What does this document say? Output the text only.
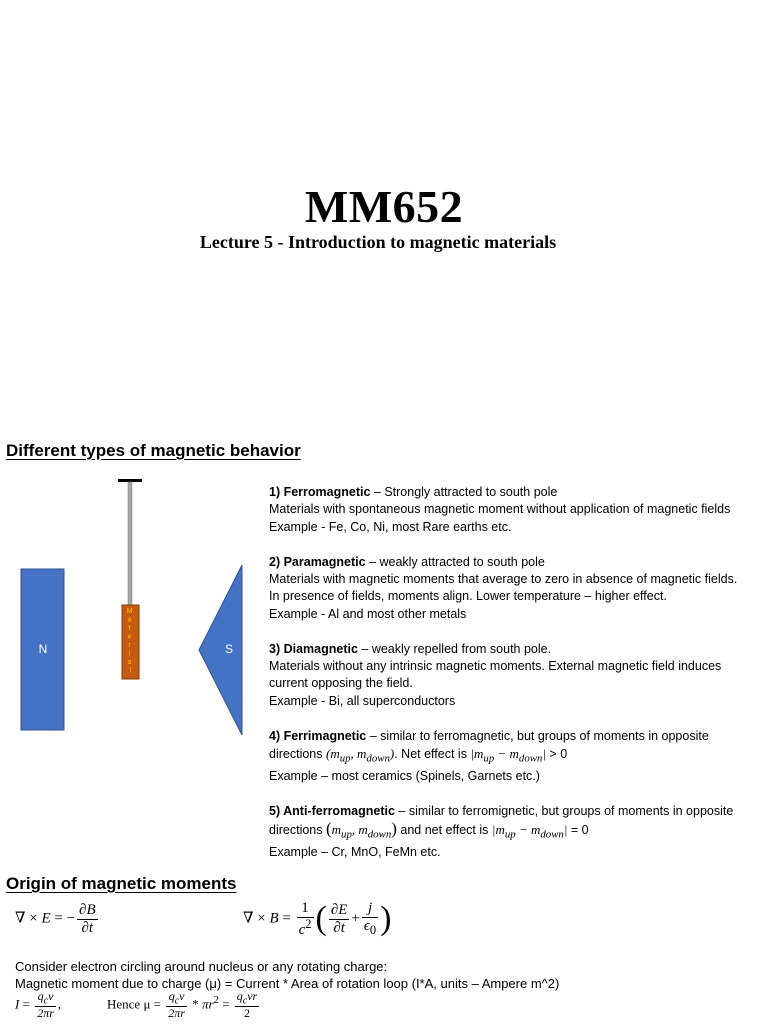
MM652
Lecture 5 - Introduction to magnetic materials
Different types of magnetic behavior
N
M a t e r i a l
S
1) Ferromagnetic – Strongly attracted to south pole
Materials with spontaneous magnetic moment without application of magnetic fields
Example - Fe, Co, Ni, most Rare earths etc.
2) Paramagnetic – weakly attracted to south pole
Materials with magnetic moments that average to zero in absence of magnetic fields.
In presence of fields, moments align. Lower temperature – higher effect.
Example - Al and most other metals
3) Diamagnetic – weakly repelled from south pole.
Materials without any intrinsic magnetic moments. External magnetic field induces
current opposing the field.
Example - Bi, all superconductors
4) Ferrimagnetic – similar to ferromagnetic, but groups of moments in opposite
directions ($m_{up}$, $m_{down}$). Net effect is $|m_{up} - m_{down}| > 0$
Example – most ceramics (Spinels, Garnets etc.)
5) Anti-ferromagnetic – similar to ferromignetic, but groups of moments in opposite
directions ($m_{up}$, $m_{down}$) and net effect is $|m_{up} - m_{down}| = 0$
Example – Cr, MnO, FeMn etc.
Origin of magnetic moments
∇ × E = − $\frac{\partial B}{\partial t}$	∇ × $B = \frac{1}{c^2}$ ( $\frac{\partial E}{\partial t} + \frac{j}{\epsilon_0}$ )
Consider electron circling around nucleus or any rotating charge:
Magnetic moment due to charge (μ) = Current * Area of rotation loop (I*A, units – Ampere m^2)
$I = \frac{q_cv}{2\pi r}$ ,	Hence $\mu = \frac{q_cv}{2\pi r} * \pi r^2 = \frac{q_cvr}{2}$
